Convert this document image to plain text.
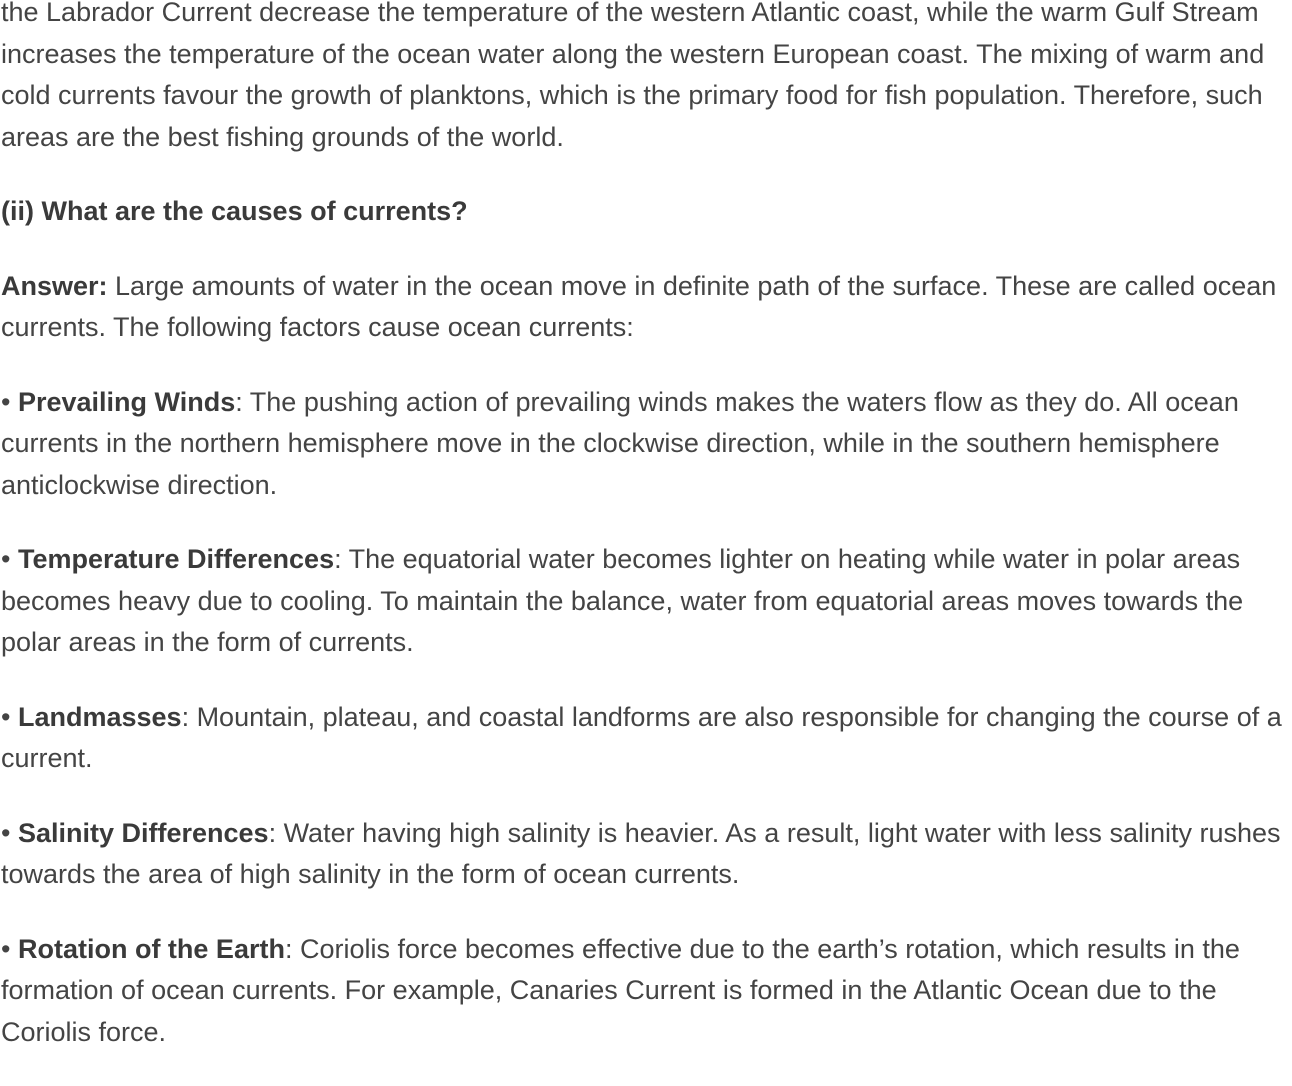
the Labrador Current decrease the temperature of the western Atlantic coast, while the warm Gulf Stream increases the temperature of the ocean water along the western European coast. The mixing of warm and cold currents favour the growth of planktons, which is the primary food for fish population. Therefore, such areas are the best fishing grounds of the world.

(ii) What are the causes of currents?

Answer: Large amounts of water in the ocean move in definite path of the surface. These are called ocean currents. The following factors cause ocean currents:

• Prevailing Winds: The pushing action of prevailing winds makes the waters flow as they do. All ocean currents in the northern hemisphere move in the clockwise direction, while in the southern hemisphere anticlockwise direction.

• Temperature Differences: The equatorial water becomes lighter on heating while water in polar areas becomes heavy due to cooling. To maintain the balance, water from equatorial areas moves towards the polar areas in the form of currents.

• Landmasses: Mountain, plateau, and coastal landforms are also responsible for changing the course of a current.

• Salinity Differences: Water having high salinity is heavier. As a result, light water with less salinity rushes towards the area of high salinity in the form of ocean currents.

• Rotation of the Earth: Coriolis force becomes effective due to the earth’s rotation, which results in the formation of ocean currents. For example, Canaries Current is formed in the Atlantic Ocean due to the Coriolis force.
